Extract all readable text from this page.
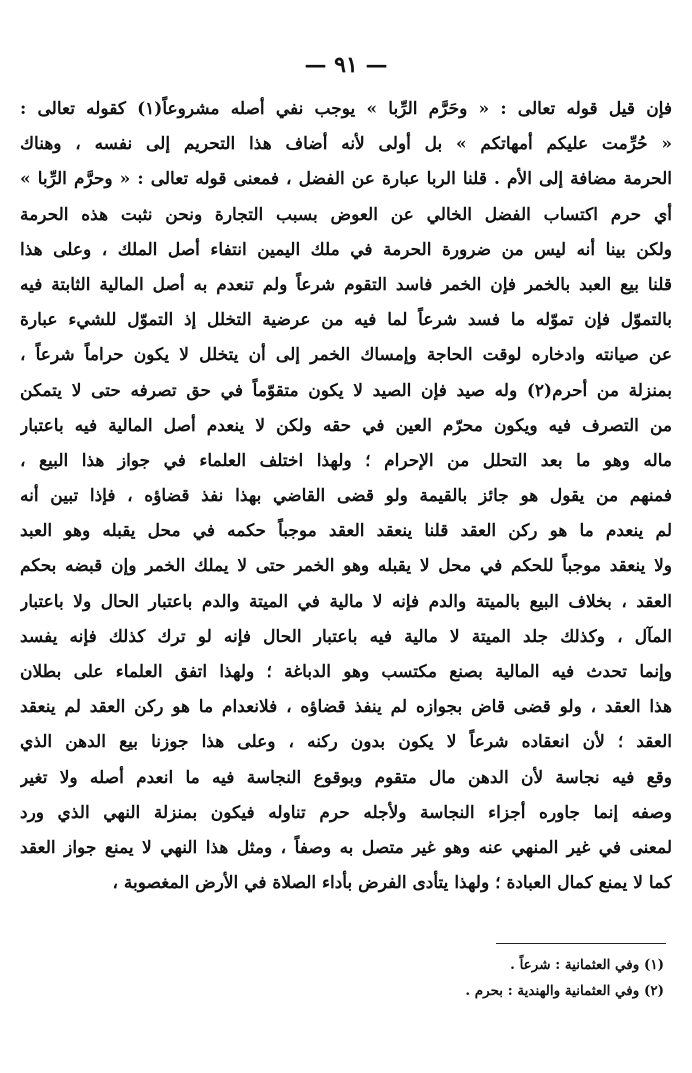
— ٩١ —
فإن قيل قوله تعالى : « وحَرَّم الرِّبا » يوجب نفي أصله مشروعاً(١) كقوله تعالى :
« حُرِّمت عليكم أمهاتكم » بل أولى لأنه أضاف هذا التحريم إلى نفسه ، وهناك
الحرمة مضافة إلى الأم . قلنا الربا عبارة عن الفضل ، فمعنى قوله تعالى : « وحرَّم الرِّبا »
أي حرم اكتساب الفضل الخالي عن العوض بسبب التجارة ونحن نثبت هذه الحرمة
ولكن بينا أنه ليس من ضرورة الحرمة في ملك اليمين انتفاء أصل الملك ، وعلى هذا
قلنا بيع العبد بالخمر فإن الخمر فاسد التقوم شرعاً ولم تنعدم به أصل المالية الثابتة فيه
بالتموّل فإن تموّله ما فسد شرعاً لما فيه من عرضية التخلل إذ التموّل للشيء عبارة
عن صيانته وادخاره لوقت الحاجة وإمساك الخمر إلى أن يتخلل لا يكون حراماً شرعاً ،
بمنزلة من أحرم(٢) وله صيد فإن الصيد لا يكون متقوّماً في حق تصرفه حتى لا يتمكن
من التصرف فيه ويكون محرّم العين في حقه ولكن لا ينعدم أصل المالية فيه باعتبار
ماله وهو ما بعد التحلل من الإحرام ؛ ولهذا اختلف العلماء في جواز هذا البيع ،
فمنهم من يقول هو جائز بالقيمة ولو قضى القاضي بهذا نفذ قضاؤه ، فإذا تبين أنه
لم ينعدم ما هو ركن العقد قلنا ينعقد العقد موجباً حكمه في محل يقبله وهو العبد
ولا ينعقد موجباً للحكم في محل لا يقبله وهو الخمر حتى لا يملك الخمر وإن قبضه بحكم
العقد ، بخلاف البيع بالميتة والدم فإنه لا مالية في الميتة والدم باعتبار الحال ولا باعتبار
المآل ، وكذلك جلد الميتة لا مالية فيه باعتبار الحال فإنه لو ترك كذلك فإنه يفسد
وإنما تحدث فيه المالية بصنع مكتسب وهو الدباغة ؛ ولهذا اتفق العلماء على بطلان
هذا العقد ، ولو قضى قاض بجوازه لم ينفذ قضاؤه ، فلانعدام ما هو ركن العقد لم ينعقد
العقد ؛ لأن انعقاده شرعاً لا يكون بدون ركنه ، وعلى هذا جوزنا بيع الدهن الذي
وقع فيه نجاسة لأن الدهن مال متقوم وبوقوع النجاسة فيه ما انعدم أصله ولا تغير
وصفه إنما جاوره أجزاء النجاسة ولأجله حرم تناوله فيكون بمنزلة النهي الذي ورد
لمعنى في غير المنهي عنه وهو غير متصل به وصفاً ، ومثل هذا النهي لا يمنع جواز العقد
كما لا يمنع كمال العبادة ؛ ولهذا يتأدى الفرض بأداء الصلاة في الأرض المغصوبة ،
(١) وفي العثمانية : شرعاً .
(٢) وفي العثمانية والهندية : بحرم .
